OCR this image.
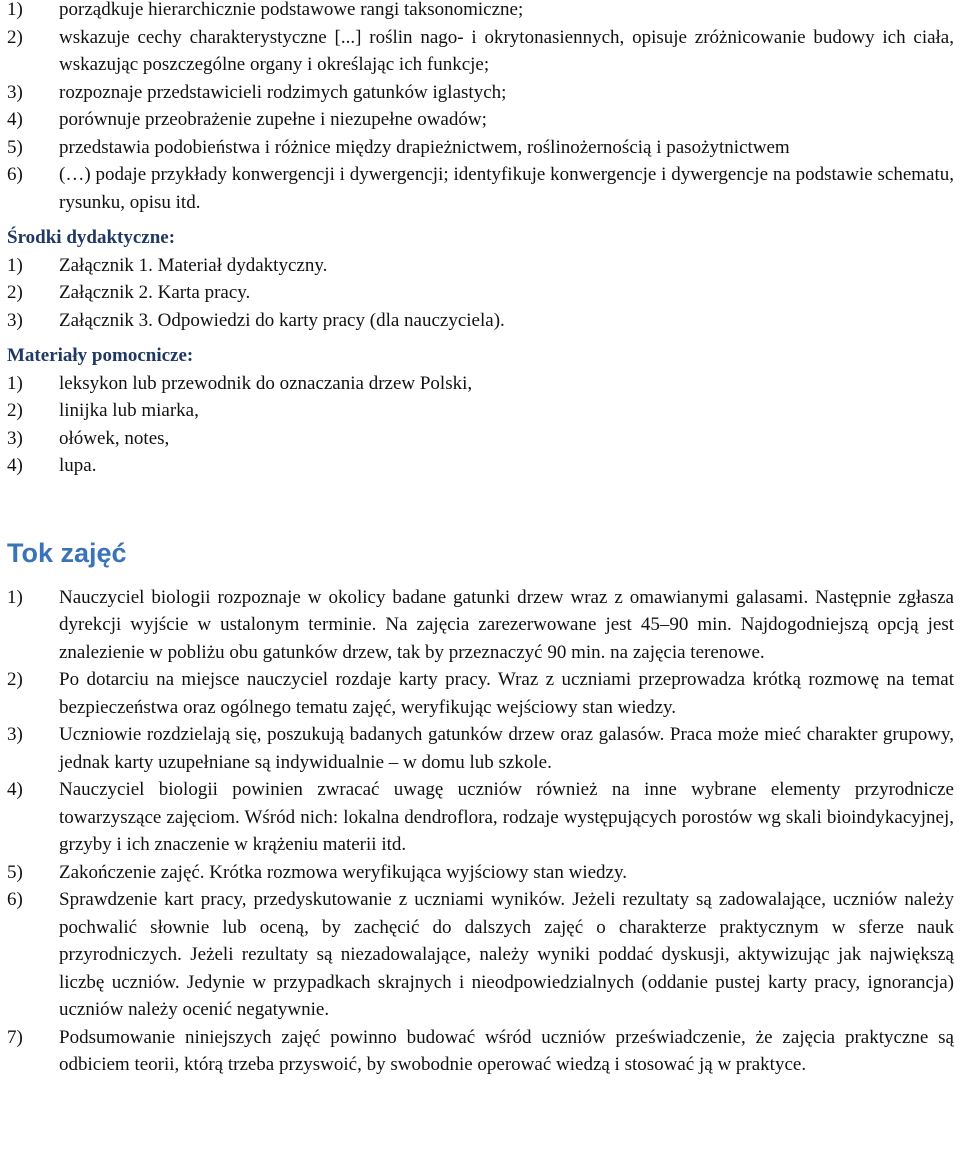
1) porządkuje hierarchicznie podstawowe rangi taksonomiczne;
2) wskazuje cechy charakterystyczne [...] roślin nago- i okrytonasiennych, opisuje zróżnicowanie budowy ich ciała, wskazując poszczególne organy i określając ich funkcje;
3) rozpoznaje przedstawicieli rodzimych gatunków iglastych;
4) porównuje przeobrażenie zupełne i niezupełne owadów;
5) przedstawia podobieństwa i różnice między drapieżnictwem, roślinożernością i pasożytnictwem
6) (…) podaje przykłady konwergencji i dywergencji; identyfikuje konwergencje i dywergencje na podstawie schematu, rysunku, opisu itd.
Środki dydaktyczne:
1) Załącznik 1. Materiał dydaktyczny.
2) Załącznik 2. Karta pracy.
3) Załącznik 3. Odpowiedzi do karty pracy (dla nauczyciela).
Materiały pomocnicze:
1) leksykon lub przewodnik do oznaczania drzew Polski,
2) linijka lub miarka,
3) ołówek, notes,
4) lupa.
Tok zajęć
1) Nauczyciel biologii rozpoznaje w okolicy badane gatunki drzew wraz z omawianymi galasami. Następnie zgłasza dyrekcji wyjście w ustalonym terminie. Na zajęcia zarezerwowane jest 45–90 min. Najdogodniejszą opcją jest znalezienie w pobliżu obu gatunków drzew, tak by przeznaczyć 90 min. na zajęcia terenowe.
2) Po dotarciu na miejsce nauczyciel rozdaje karty pracy. Wraz z uczniami przeprowadza krótką rozmowę na temat bezpieczeństwa oraz ogólnego tematu zajęć, weryfikując wejściowy stan wiedzy.
3) Uczniowie rozdzielają się, poszukują badanych gatunków drzew oraz galasów. Praca może mieć charakter grupowy, jednak karty uzupełniane są indywidualnie – w domu lub szkole.
4) Nauczyciel biologii powinien zwracać uwagę uczniów również na inne wybrane elementy przyrodnicze towarzyszące zajęciom. Wśród nich: lokalna dendroflora, rodzaje występujących porostów wg skali bioindykacyjnej, grzyby i ich znaczenie w krążeniu materii itd.
5) Zakończenie zajęć. Krótka rozmowa weryfikująca wyjściowy stan wiedzy.
6) Sprawdzenie kart pracy, przedyskutowanie z uczniami wyników. Jeżeli rezultaty są zadowalające, uczniów należy pochwalić słownie lub oceną, by zachęcić do dalszych zajęć o charakterze praktycznym w sferze nauk przyrodniczych. Jeżeli rezultaty są niezadowalające, należy wyniki poddać dyskusji, aktywizując jak największą liczbę uczniów. Jedynie w przypadkach skrajnych i nieodpowiedzialnych (oddanie pustej karty pracy, ignorancja) uczniów należy ocenić negatywnie.
7) Podsumowanie niniejszych zajęć powinno budować wśród uczniów przeświadczenie, że zajęcia praktyczne są odbiciem teorii, którą trzeba przyswoić, by swobodnie operować wiedzą i stosować ją w praktyce.
